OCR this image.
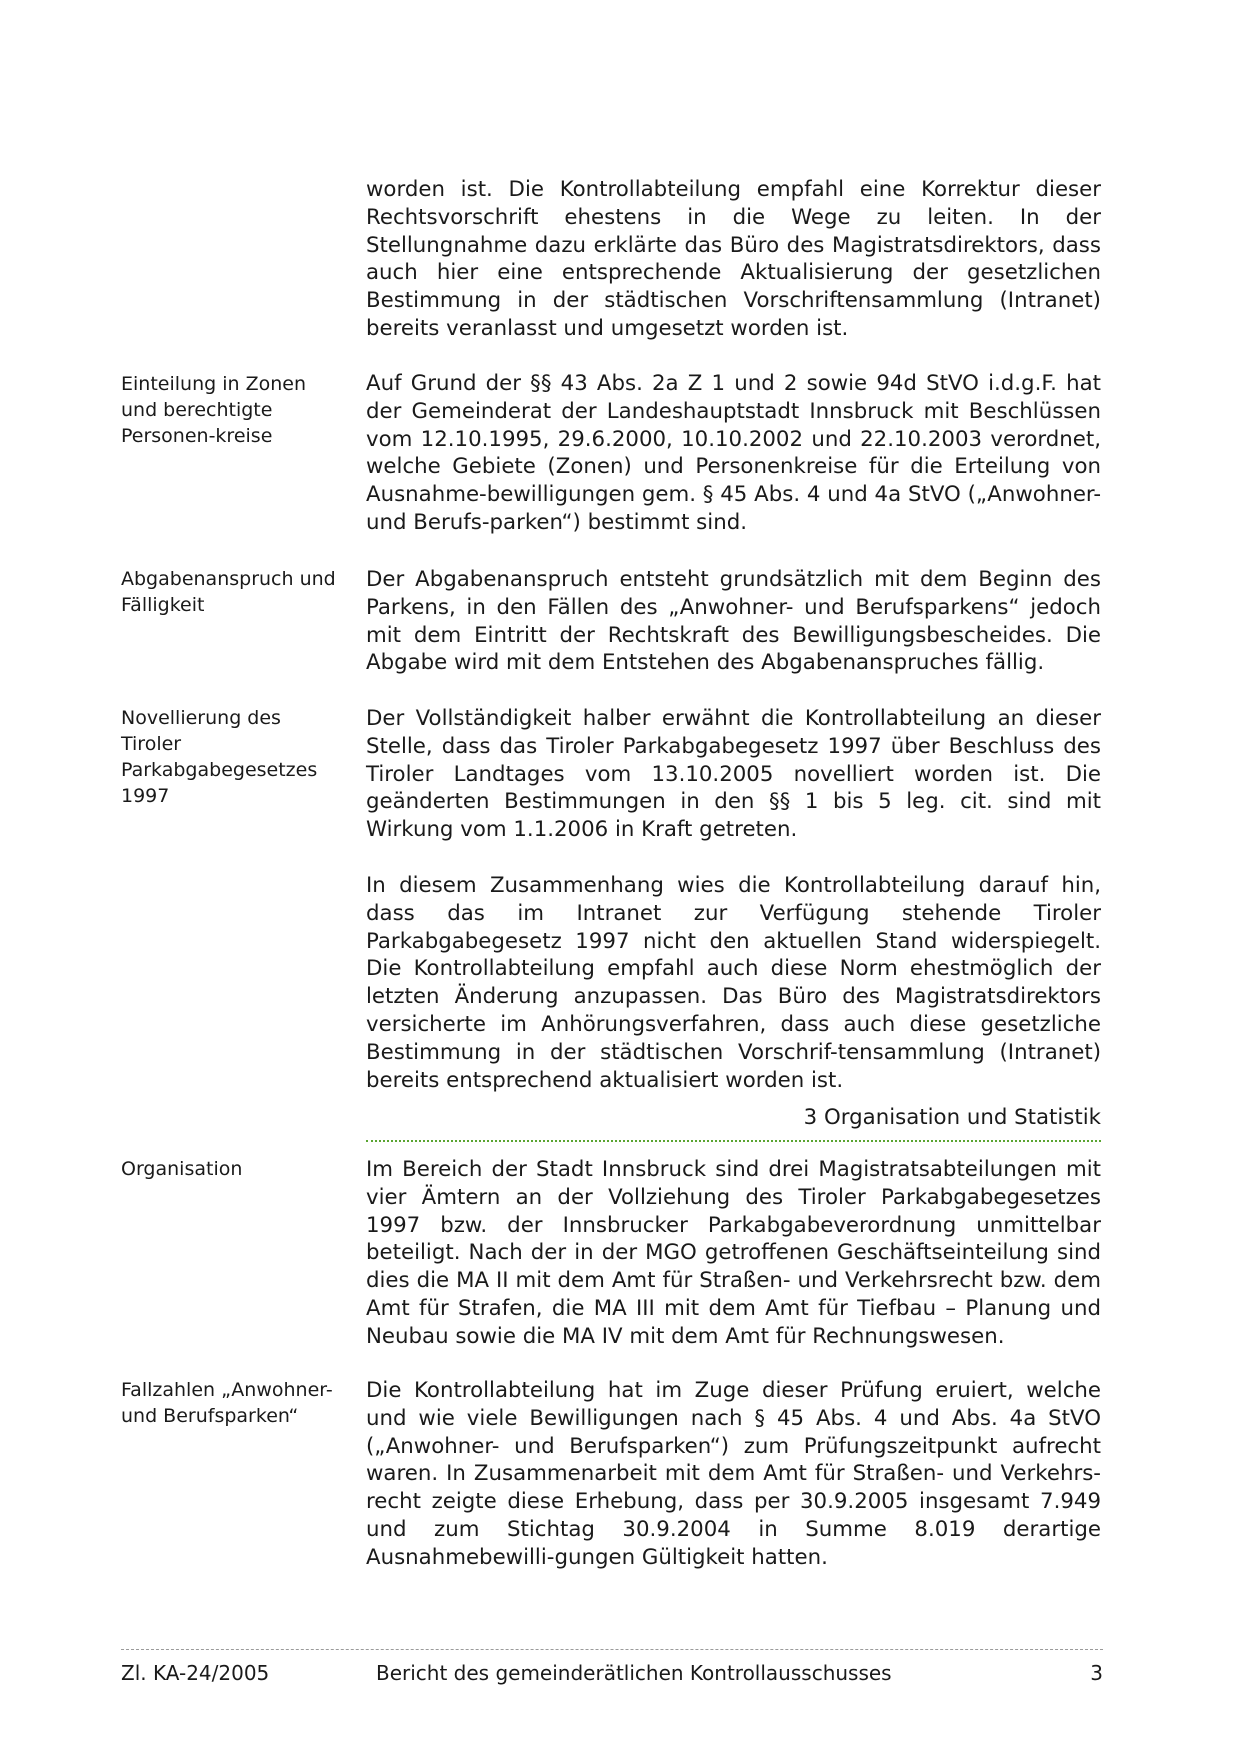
worden ist. Die Kontrollabteilung empfahl eine Korrektur dieser Rechtsvorschrift ehestens in die Wege zu leiten. In der Stellungnahme dazu erklärte das Büro des Magistratsdirektors, dass auch hier eine entsprechende Aktualisierung der gesetzlichen Bestimmung in der städtischen Vorschriftensammlung (Intranet) bereits veranlasst und umgesetzt worden ist.

Einteilung in Zonen und berechtigte Personen-kreise

Auf Grund der §§ 43 Abs. 2a Z 1 und 2 sowie 94d StVO i.d.g.F. hat der Gemeinderat der Landeshauptstadt Innsbruck mit Beschlüssen vom 12.10.1995, 29.6.2000, 10.10.2002 und 22.10.2003 verordnet, welche Gebiete (Zonen) und Personenkreise für die Erteilung von Ausnahme-bewilligungen gem. § 45 Abs. 4 und 4a StVO („Anwohner- und Berufs-parken“) bestimmt sind.

Abgabenanspruch und Fälligkeit

Der Abgabenanspruch entsteht grundsätzlich mit dem Beginn des Parkens, in den Fällen des „Anwohner- und Berufsparkens“ jedoch mit dem Eintritt der Rechtskraft des Bewilligungsbescheides. Die Abgabe wird mit dem Entstehen des Abgabenanspruches fällig.

Novellierung des Tiroler Parkabgabegesetzes 1997

Der Vollständigkeit halber erwähnt die Kontrollabteilung an dieser Stelle, dass das Tiroler Parkabgabegesetz 1997 über Beschluss des Tiroler Landtages vom 13.10.2005 novelliert worden ist. Die geänderten Bestimmungen in den §§ 1 bis 5 leg. cit. sind mit Wirkung vom 1.1.2006 in Kraft getreten.

In diesem Zusammenhang wies die Kontrollabteilung darauf hin, dass das im Intranet zur Verfügung stehende Tiroler Parkabgabegesetz 1997 nicht den aktuellen Stand widerspiegelt. Die Kontrollabteilung empfahl auch diese Norm ehestmöglich der letzten Änderung anzupassen. Das Büro des Magistratsdirektors versicherte im Anhörungsverfahren, dass auch diese gesetzliche Bestimmung in der städtischen Vorschrif-tensammlung (Intranet) bereits entsprechend aktualisiert worden ist.

3 Organisation und Statistik
Organisation	Im Bereich der Stadt Innsbruck sind drei Magistratsabteilungen mit vier Ämtern an der Vollziehung des Tiroler Parkabgabegesetzes 1997 bzw. der Innsbrucker Parkabgabeverordnung unmittelbar beteiligt. Nach der in der MGO getroffenen Geschäftseinteilung sind dies die MA II mit dem Amt für Straßen- und Verkehrsrecht bzw. dem Amt für Strafen, die MA III mit dem Amt für Tiefbau – Planung und Neubau sowie die MA IV mit dem Amt für Rechnungswesen.

Fallzahlen „Anwohner- und Berufsparken“

Die Kontrollabteilung hat im Zuge dieser Prüfung eruiert, welche und wie viele Bewilligungen nach § 45 Abs. 4 und Abs. 4a StVO („Anwohner- und Berufsparken“) zum Prüfungszeitpunkt aufrecht waren. In Zusammenarbeit mit dem Amt für Straßen- und Verkehrs-recht zeigte diese Erhebung, dass per 30.9.2005 insgesamt 7.949 und zum Stichtag 30.9.2004 in Summe 8.019 derartige Ausnahmebewilli-gungen Gültigkeit hatten.

Zl. KA-24/2005	Bericht des gemeinderätlichen Kontrollausschusses	3
